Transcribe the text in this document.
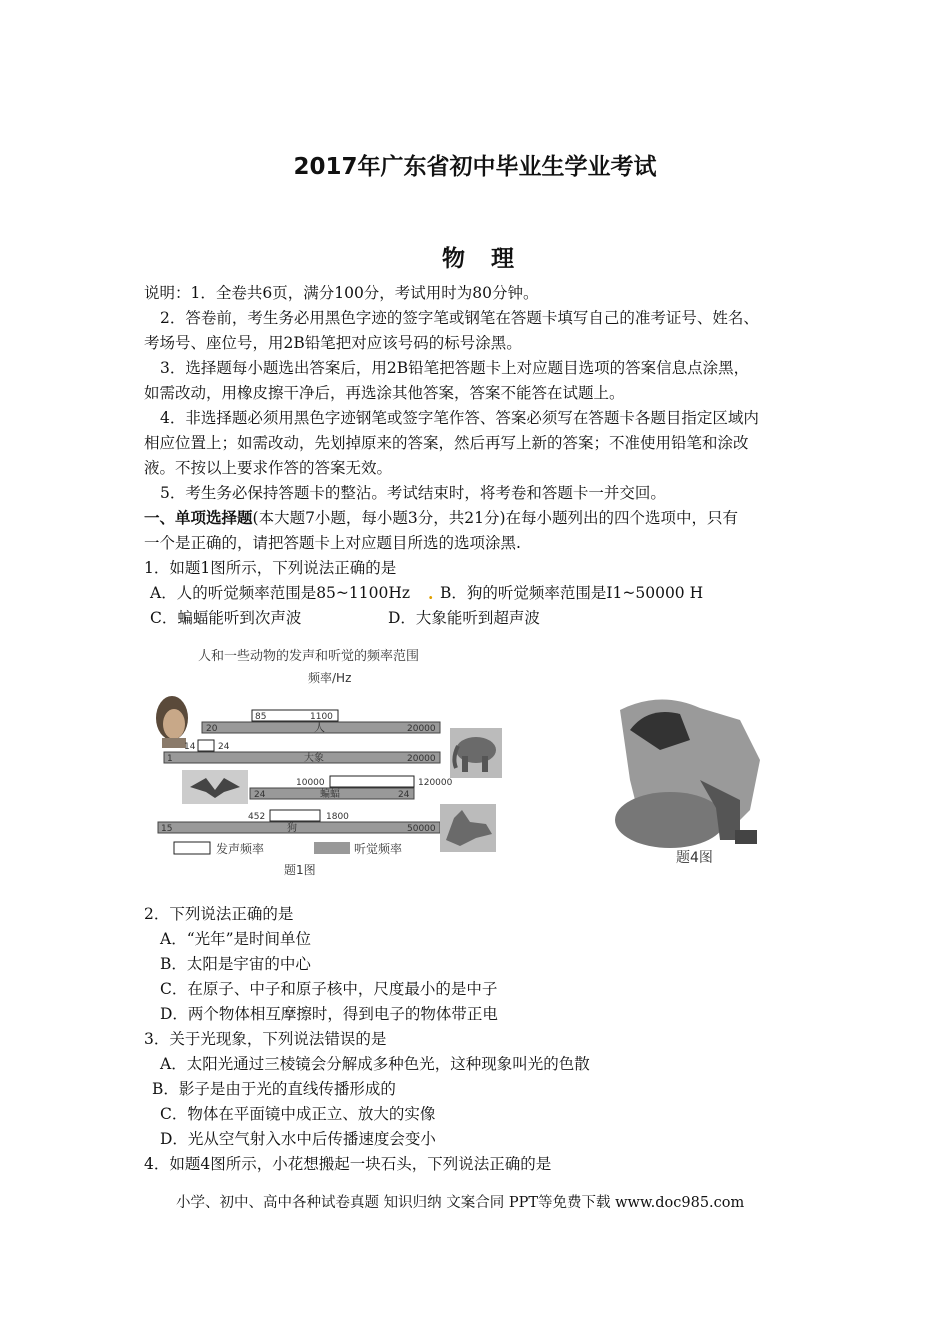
2017年广东省初中毕业生学业考试
物理
说明：1．全卷共6页，满分100分，考试用时为80分钟。
2．答卷前，考生务必用黑色字迹的签字笔或钢笔在答题卡填写自己的准考证号、姓名、
考场号、座位号，用2B铅笔把对应该号码的标号涂黑。
3．选择题每小题选出答案后，用2B铅笔把答题卡上对应题目选项的答案信息点涂黑，
如需改动，用橡皮擦干净后，再选涂其他答案，答案不能答在试题上。
4．非选择题必须用黑色字迹钢笔或签字笔作答、答案必须写在答题卡各题目指定区域内
相应位置上；如需改动，先划掉原来的答案，然后再写上新的答案；不准使用铅笔和涂改
液。不按以上要求作答的答案无效。
5．考生务必保持答题卡的整沾。考试结束时，将考卷和答题卡一并交回。
一、单项选择题(本大题7小题，每小题3分，共21分)在每小题列出的四个选项中，只有
一个是正确的，请把答题卡上对应题目所选的选项涂黑.
1．如题1图所示，下列说法正确的是
A．人的听觉频率范围是85~1100Hz . B．狗的听觉频率范围是I1~50000 H
C．蝙蝠能听到次声波	D．大象能听到超声波
人和一些动物的发声和听觉的频率范围
频率/Hz
85	1100
20	人	20000
14	24
1	大象	20000
10000	120000
24	蝙蝠	24
452	1800
15	狗	50000
发声频率	听觉频率
题1图
题4图
2．下列说法正确的是
A．“光年”是时间单位
B．太阳是宇宙的中心
C．在原子、中子和原子核中，尺度最小的是中子
D．两个物体相互摩擦时，得到电子的物体带正电
3．关于光现象，下列说法错误的是
A．太阳光通过三棱镜会分解成多种色光，这种现象叫光的色散
B．影子是由于光的直线传播形成的
C．物体在平面镜中成正立、放大的实像
D．光从空气射入水中后传播速度会变小
4．如题4图所示，小花想搬起一块石头，下列说法正确的是
小学、初中、高中各种试卷真题 知识归纳 文案合同 PPT等免费下载 www.doc985.com
